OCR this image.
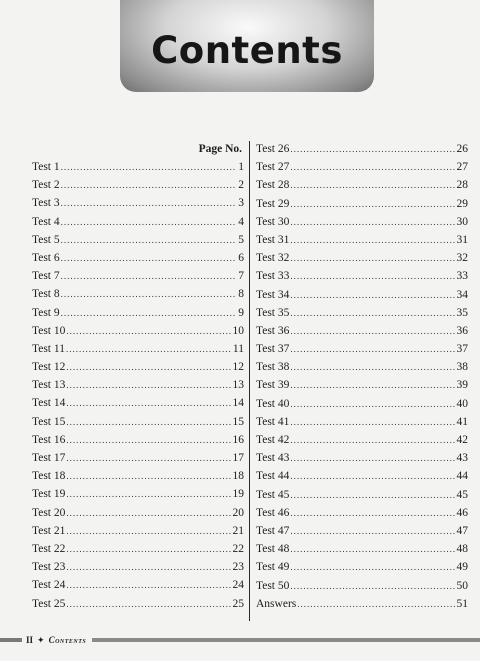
Contents
Page No.
Test 1 .....	1
Test 2 .....	2
Test 3 .....	3
Test 4 .....	4
Test 5 .....	5
Test 6 .....	6
Test 7 .....	7
Test 8 .....	8
Test 9 .....	9
Test 10 .....	10
Test 11 .....	11
Test 12 .....	12
Test 13 .....	13
Test 14 .....	14
Test 15 .....	15
Test 16 .....	16
Test 17 .....	17
Test 18 .....	18
Test 19 .....	19
Test 20 .....	20
Test 21 .....	21
Test 22 .....	22
Test 23 .....	23
Test 24 .....	24
Test 25 .....	25
Test 26 .....	26
Test 27 .....	27
Test 28 .....	28
Test 29 .....	29
Test 30 .....	30
Test 31 .....	31
Test 32 .....	32
Test 33 .....	33
Test 34 .....	34
Test 35 .....	35
Test 36 .....	36
Test 37 .....	37
Test 38 .....	38
Test 39 .....	39
Test 40 .....	40
Test 41 .....	41
Test 42 .....	42
Test 43 .....	43
Test 44 .....	44
Test 45 .....	45
Test 46 .....	46
Test 47 .....	47
Test 48 .....	48
Test 49 .....	49
Test 50 .....	50
Answers .....	51
II ✦ Contents
